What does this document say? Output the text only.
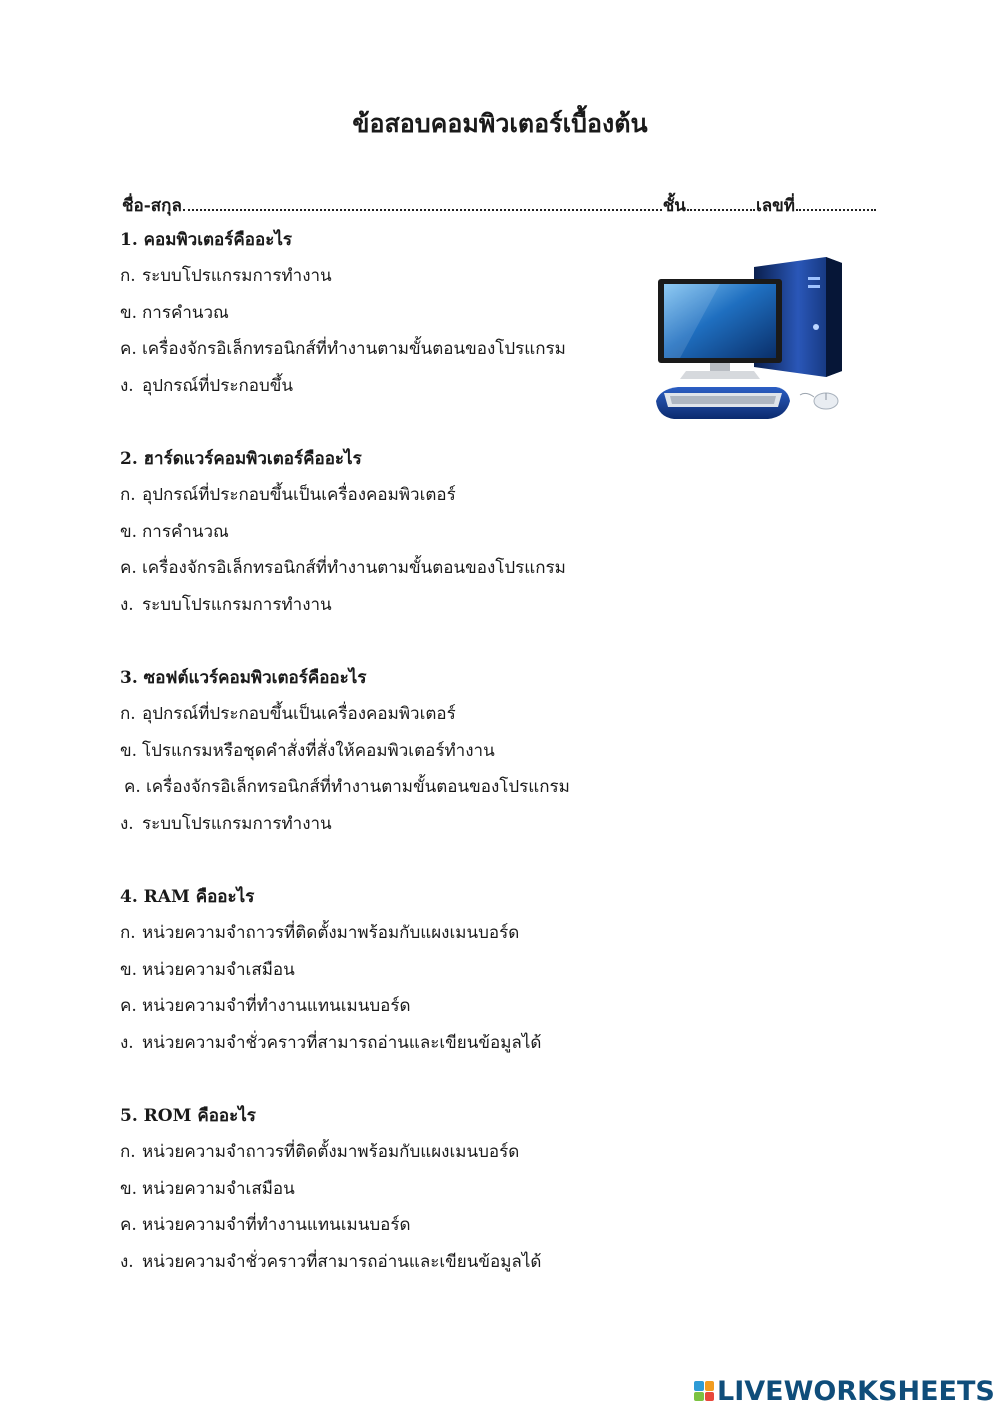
ข้อสอบคอมพิวเตอร์เบื้องต้น
ชื่อ-สกุล	ชั้น	เลขที่
1. คอมพิวเตอร์คืออะไร
ก. ระบบโปรแกรมการทำงาน
ข. การคำนวณ
ค. เครื่องจักรอิเล็กทรอนิกส์ที่ทำงานตามขั้นตอนของโปรแกรม
ง. อุปกรณ์ที่ประกอบขึ้น
2. ฮาร์ดแวร์คอมพิวเตอร์คืออะไร
ก. อุปกรณ์ที่ประกอบขึ้นเป็นเครื่องคอมพิวเตอร์
ข. การคำนวณ
ค. เครื่องจักรอิเล็กทรอนิกส์ที่ทำงานตามขั้นตอนของโปรแกรม
ง. ระบบโปรแกรมการทำงาน
3. ซอฟต์แวร์คอมพิวเตอร์คืออะไร
ก. อุปกรณ์ที่ประกอบขึ้นเป็นเครื่องคอมพิวเตอร์
ข. โปรแกรมหรือชุดคำสั่งที่สั่งให้คอมพิวเตอร์ทำงาน
ค. เครื่องจักรอิเล็กทรอนิกส์ที่ทำงานตามขั้นตอนของโปรแกรม
ง. ระบบโปรแกรมการทำงาน
4. RAM คืออะไร
ก. หน่วยความจำถาวรที่ติดตั้งมาพร้อมกับแผงเมนบอร์ด
ข. หน่วยความจำเสมือน
ค. หน่วยความจำที่ทำงานแทนเมนบอร์ด
ง. หน่วยความจำชั่วคราวที่สามารถอ่านและเขียนข้อมูลได้
5. ROM คืออะไร
ก. หน่วยความจำถาวรที่ติดตั้งมาพร้อมกับแผงเมนบอร์ด
ข. หน่วยความจำเสมือน
ค. หน่วยความจำที่ทำงานแทนเมนบอร์ด
ง. หน่วยความจำชั่วคราวที่สามารถอ่านและเขียนข้อมูลได้
LIVEWORKSHEETS
